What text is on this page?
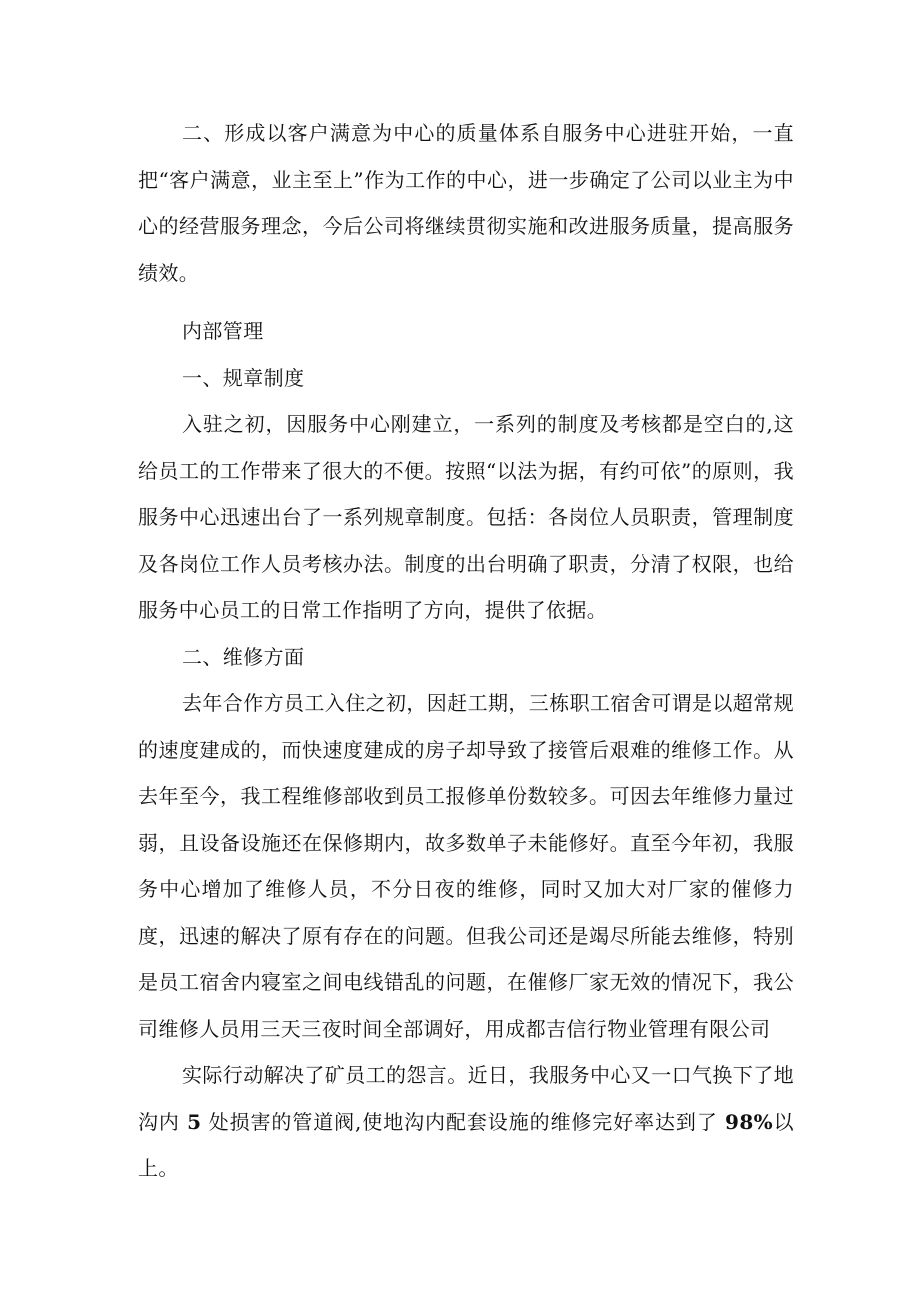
二、形成以客户满意为中心的质量体系自服务中心进驻开始，一直把“客户满意，业主至上”作为工作的中心，进一步确定了公司以业主为中心的经营服务理念，今后公司将继续贯彻实施和改进服务质量，提高服务绩效。

内部管理

一、规章制度

入驻之初，因服务中心刚建立，一系列的制度及考核都是空白的,这给员工的工作带来了很大的不便。按照“以法为据，有约可依”的原则，我服务中心迅速出台了一系列规章制度。包括：各岗位人员职责，管理制度及各岗位工作人员考核办法。制度的出台明确了职责，分清了权限，也给服务中心员工的日常工作指明了方向，提供了依据。

二、维修方面

去年合作方员工入住之初，因赶工期，三栋职工宿舍可谓是以超常规的速度建成的，而快速度建成的房子却导致了接管后艰难的维修工作。从去年至今，我工程维修部收到员工报修单份数较多。可因去年维修力量过弱，且设备设施还在保修期内，故多数单子未能修好。直至今年初，我服务中心增加了维修人员，不分日夜的维修，同时又加大对厂家的催修力度，迅速的解决了原有存在的问题。但我公司还是竭尽所能去维修，特别是员工宿舍内寝室之间电线错乱的问题，在催修厂家无效的情况下，我公司维修人员用三天三夜时间全部调好，用成都吉信行物业管理有限公司

实际行动解决了矿员工的怨言。近日，我服务中心又一口气换下了地沟内 5 处损害的管道阀,使地沟内配套设施的维修完好率达到了 98%以上。
